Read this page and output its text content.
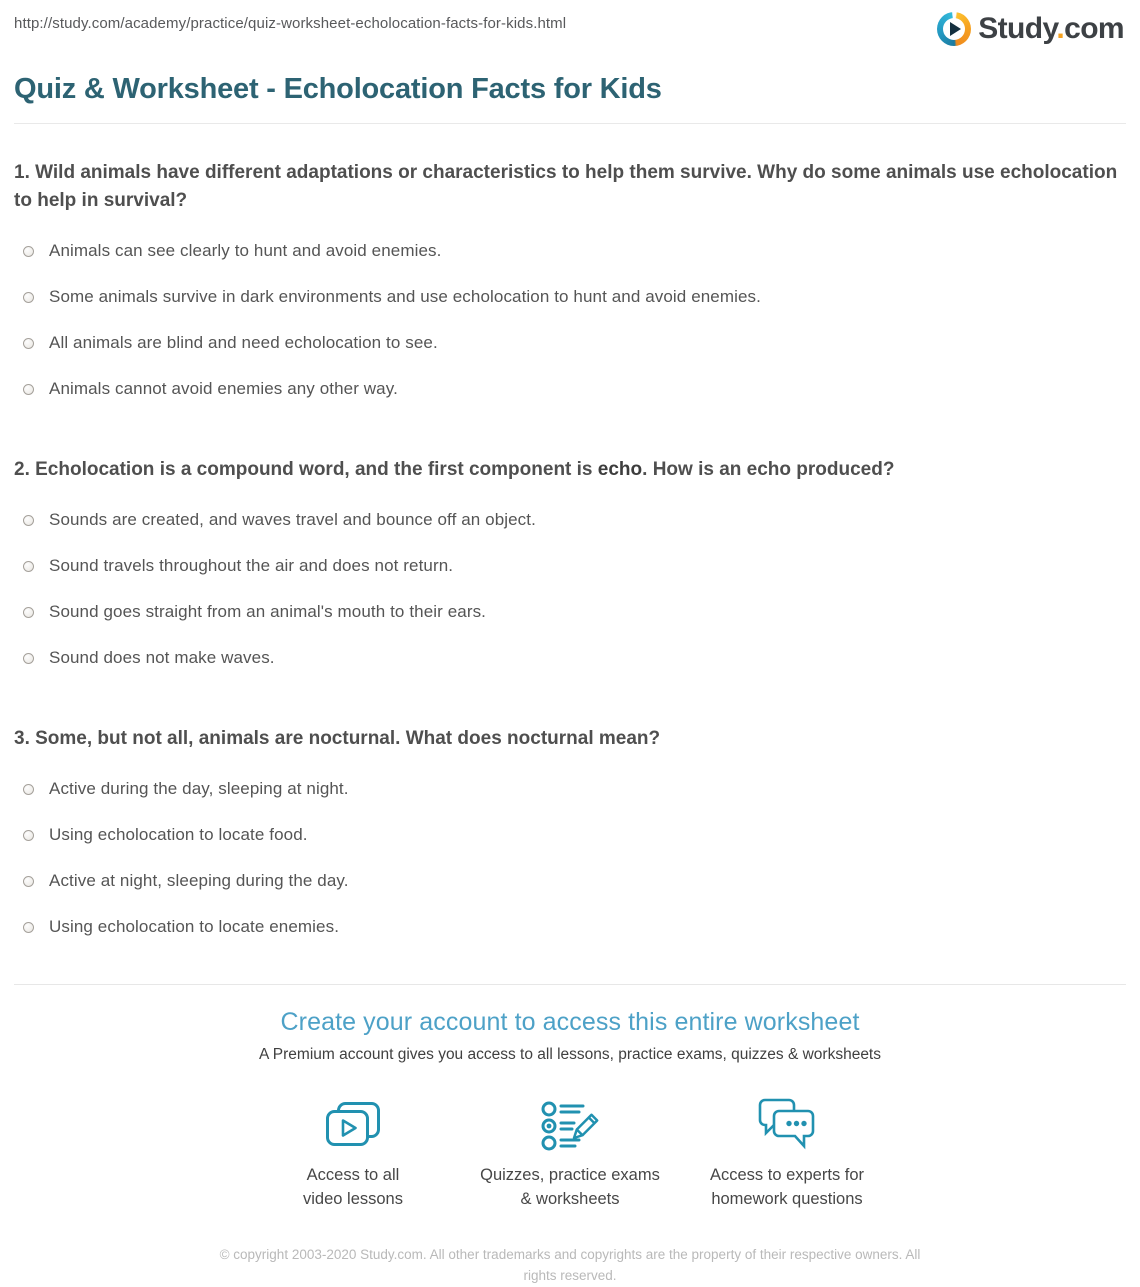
http://study.com/academy/practice/quiz-worksheet-echolocation-facts-for-kids.html	Study.com
Quiz & Worksheet - Echolocation Facts for Kids
1. Wild animals have different adaptations or characteristics to help them survive. Why do some animals use echolocation to help in survival?
Animals can see clearly to hunt and avoid enemies.
Some animals survive in dark environments and use echolocation to hunt and avoid enemies.
All animals are blind and need echolocation to see.
Animals cannot avoid enemies any other way.
2. Echolocation is a compound word, and the first component is echo. How is an echo produced?
Sounds are created, and waves travel and bounce off an object.
Sound travels throughout the air and does not return.
Sound goes straight from an animal's mouth to their ears.
Sound does not make waves.
3. Some, but not all, animals are nocturnal. What does nocturnal mean?
Active during the day, sleeping at night.
Using echolocation to locate food.
Active at night, sleeping during the day.
Using echolocation to locate enemies.
Create your account to access this entire worksheet
A Premium account gives you access to all lessons, practice exams, quizzes & worksheets
Access to all
video lessons
Quizzes, practice exams
& worksheets
Access to experts for
homework questions
© copyright 2003-2020 Study.com. All other trademarks and copyrights are the property of their respective owners. All rights reserved.
